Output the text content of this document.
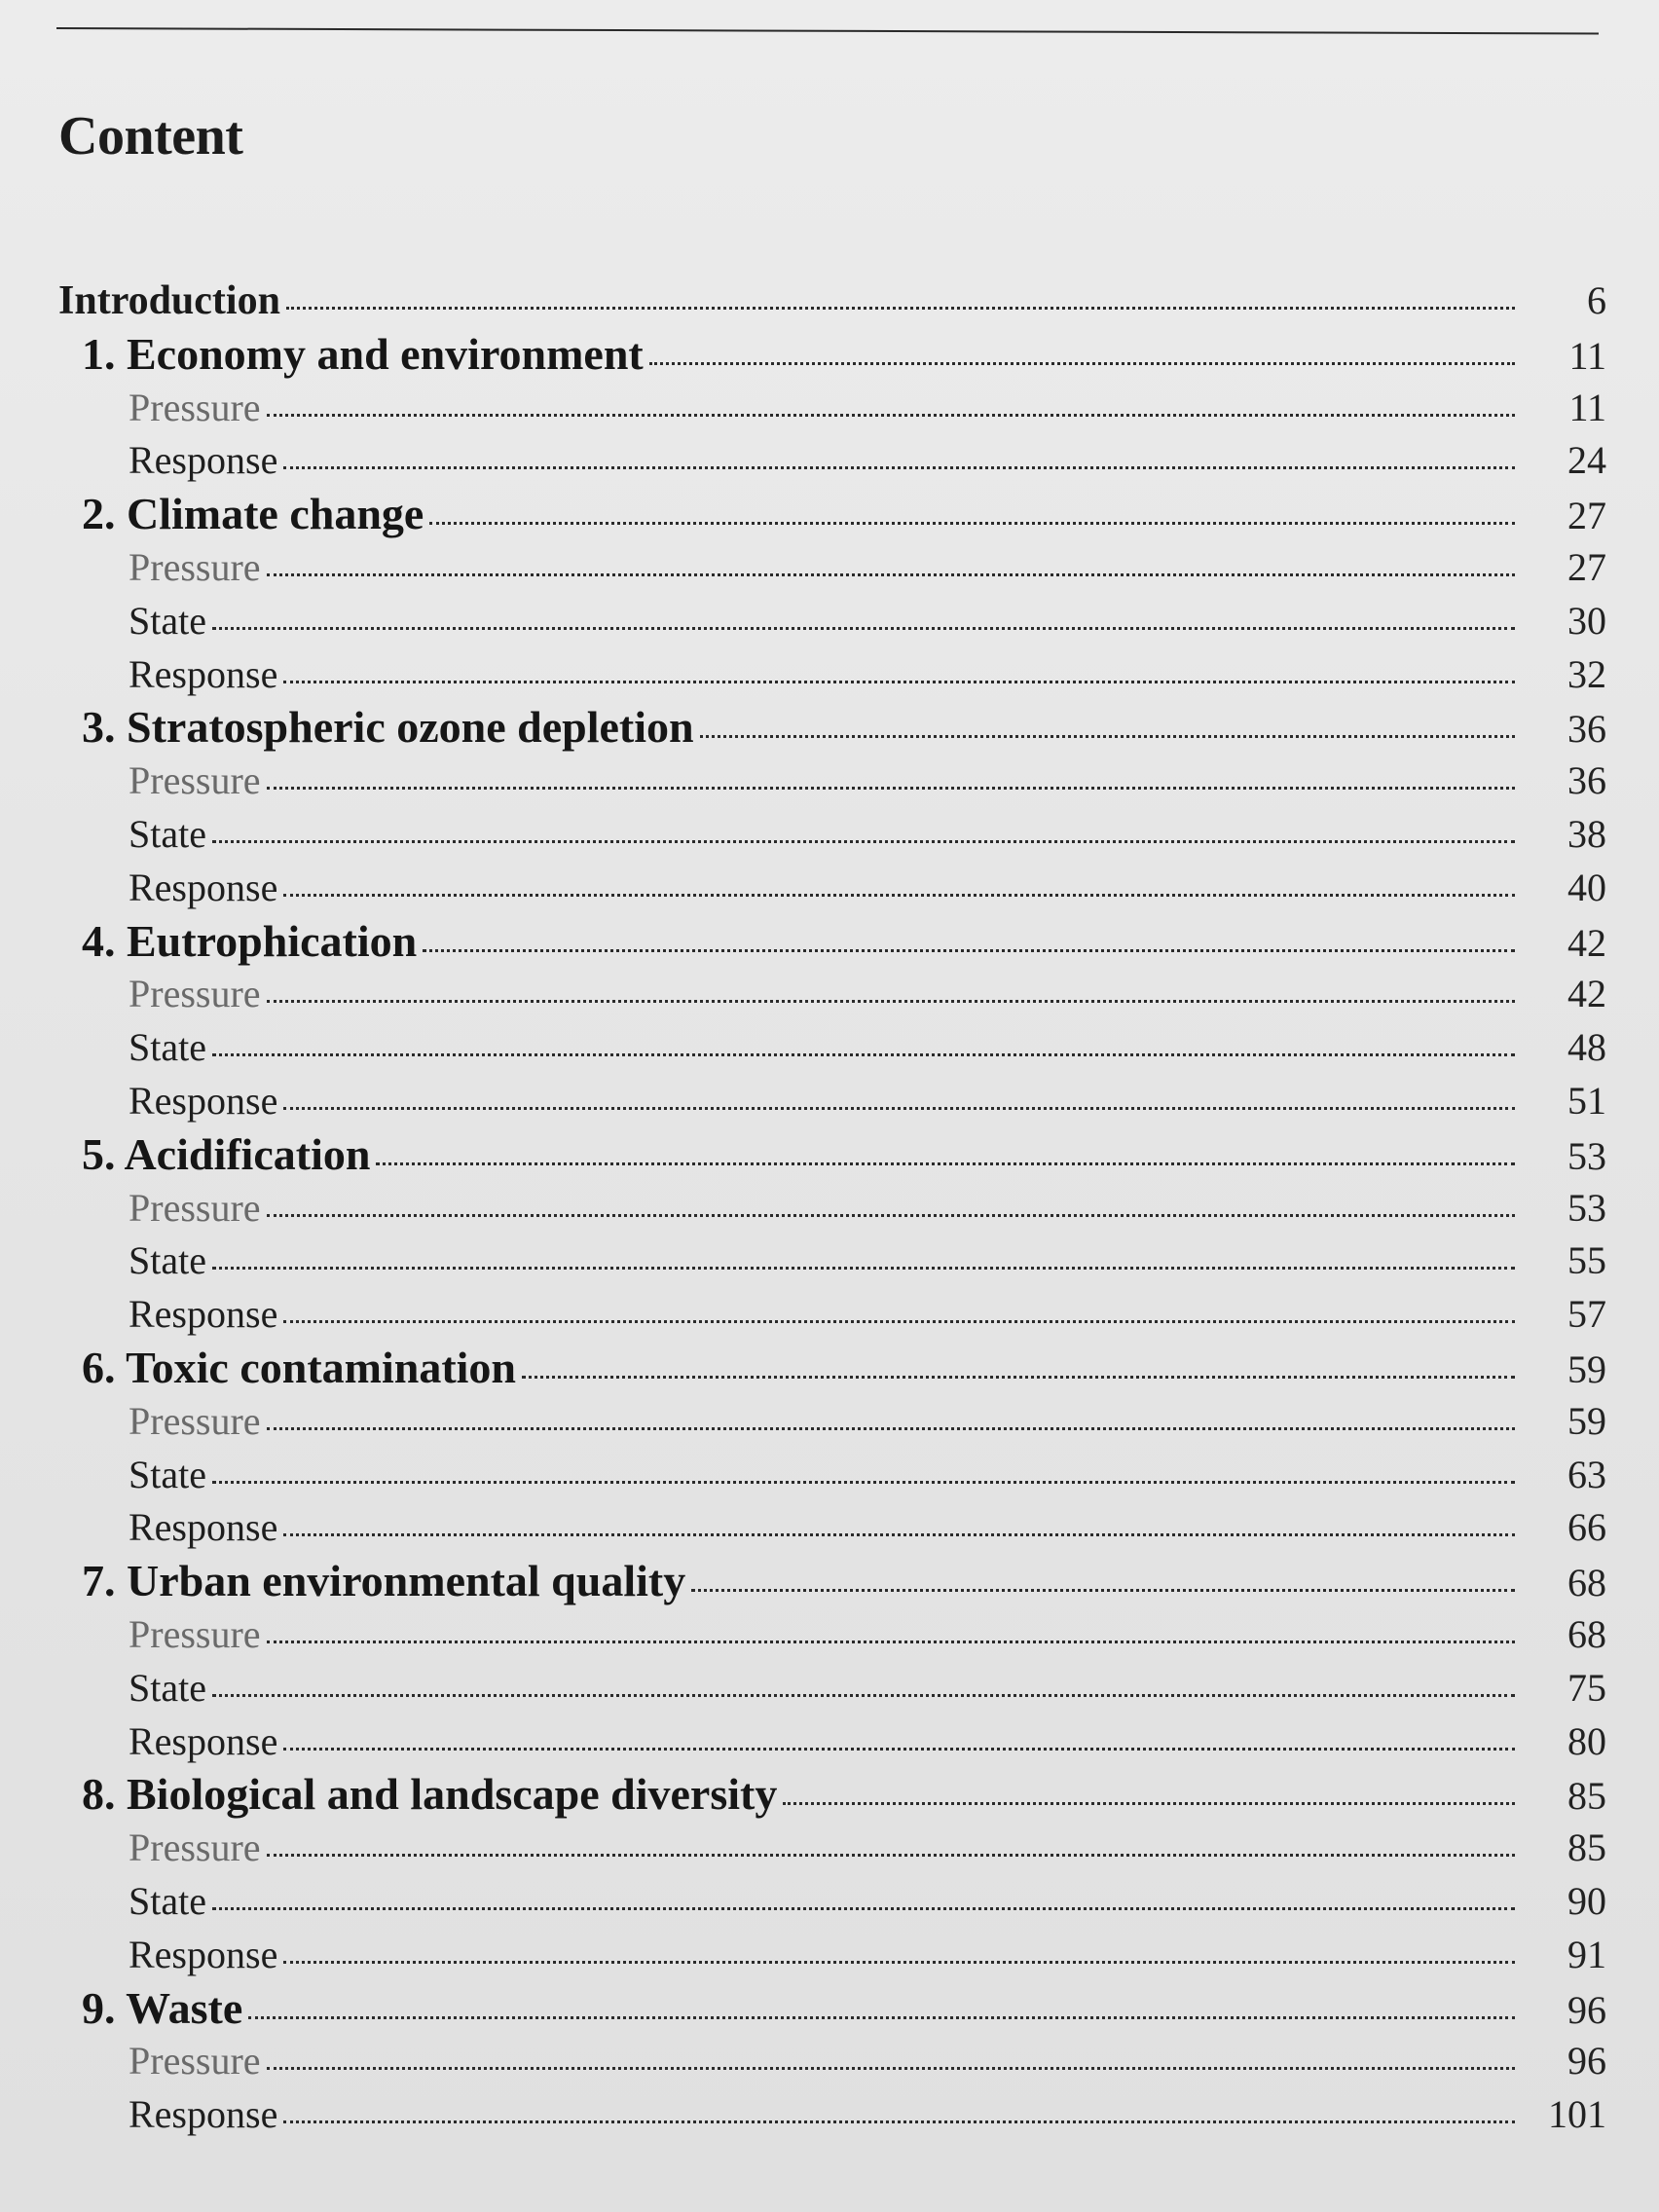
Content
Introduction	6
1. Economy and environment	11
Pressure	11
Response	24
2. Climate change	27
Pressure	27
State	30
Response	32
3. Stratospheric ozone depletion	36
Pressure	36
State	38
Response	40
4. Eutrophication	42
Pressure	42
State	48
Response	51
5. Acidification	53
Pressure	53
State	55
Response	57
6. Toxic contamination	59
Pressure	59
State	63
Response	66
7. Urban environmental quality	68
Pressure	68
State	75
Response	80
8. Biological and landscape diversity	85
Pressure	85
State	90
Response	91
9. Waste	96
Pressure	96
Response	101
